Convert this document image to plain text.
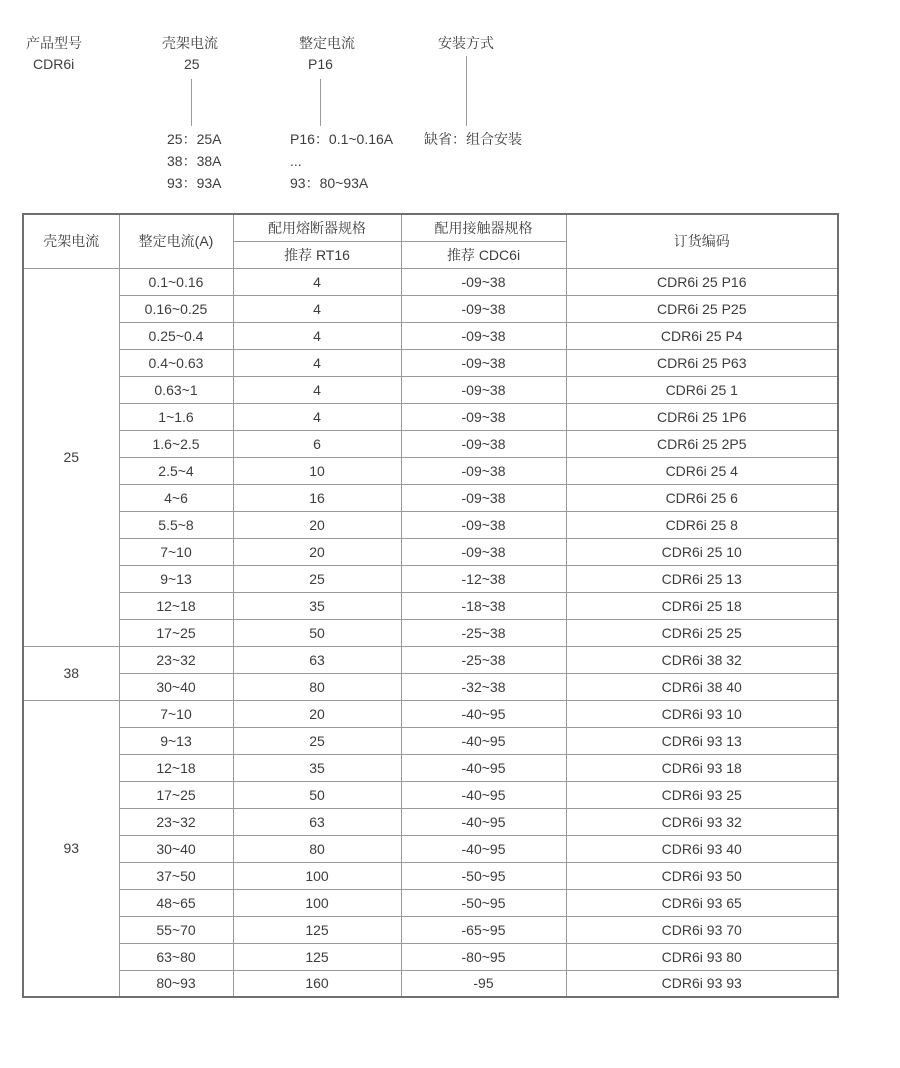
产品型号
CDR6i
壳架电流
25
整定电流
P16
安装方式
25：25A
38：38A
93：93A
P16：0.1~0.16A
...
93：80~93A
缺省：组合安装
壳架电流	整定电流(A)	配用熔断器规格	配用接触器规格	订货编码
		推荐 RT16	推荐 CDC6i	
25	0.1~0.16	4	-09~38	CDR6i 25 P16
	0.16~0.25	4	-09~38	CDR6i 25 P25
	0.25~0.4	4	-09~38	CDR6i 25 P4
	0.4~0.63	4	-09~38	CDR6i 25 P63
	0.63~1	4	-09~38	CDR6i 25 1
	1~1.6	4	-09~38	CDR6i 25 1P6
	1.6~2.5	6	-09~38	CDR6i 25 2P5
	2.5~4	10	-09~38	CDR6i 25 4
	4~6	16	-09~38	CDR6i 25 6
	5.5~8	20	-09~38	CDR6i 25 8
	7~10	20	-09~38	CDR6i 25 10
	9~13	25	-12~38	CDR6i 25 13
	12~18	35	-18~38	CDR6i 25 18
	17~25	50	-25~38	CDR6i 25 25
38	23~32	63	-25~38	CDR6i 38 32
	30~40	80	-32~38	CDR6i 38 40
93	7~10	20	-40~95	CDR6i 93 10
	9~13	25	-40~95	CDR6i 93 13
	12~18	35	-40~95	CDR6i 93 18
	17~25	50	-40~95	CDR6i 93 25
	23~32	63	-40~95	CDR6i 93 32
	30~40	80	-40~95	CDR6i 93 40
	37~50	100	-50~95	CDR6i 93 50
	48~65	100	-50~95	CDR6i 93 65
	55~70	125	-65~95	CDR6i 93 70
	63~80	125	-80~95	CDR6i 93 80
	80~93	160	-95	CDR6i 93 93
